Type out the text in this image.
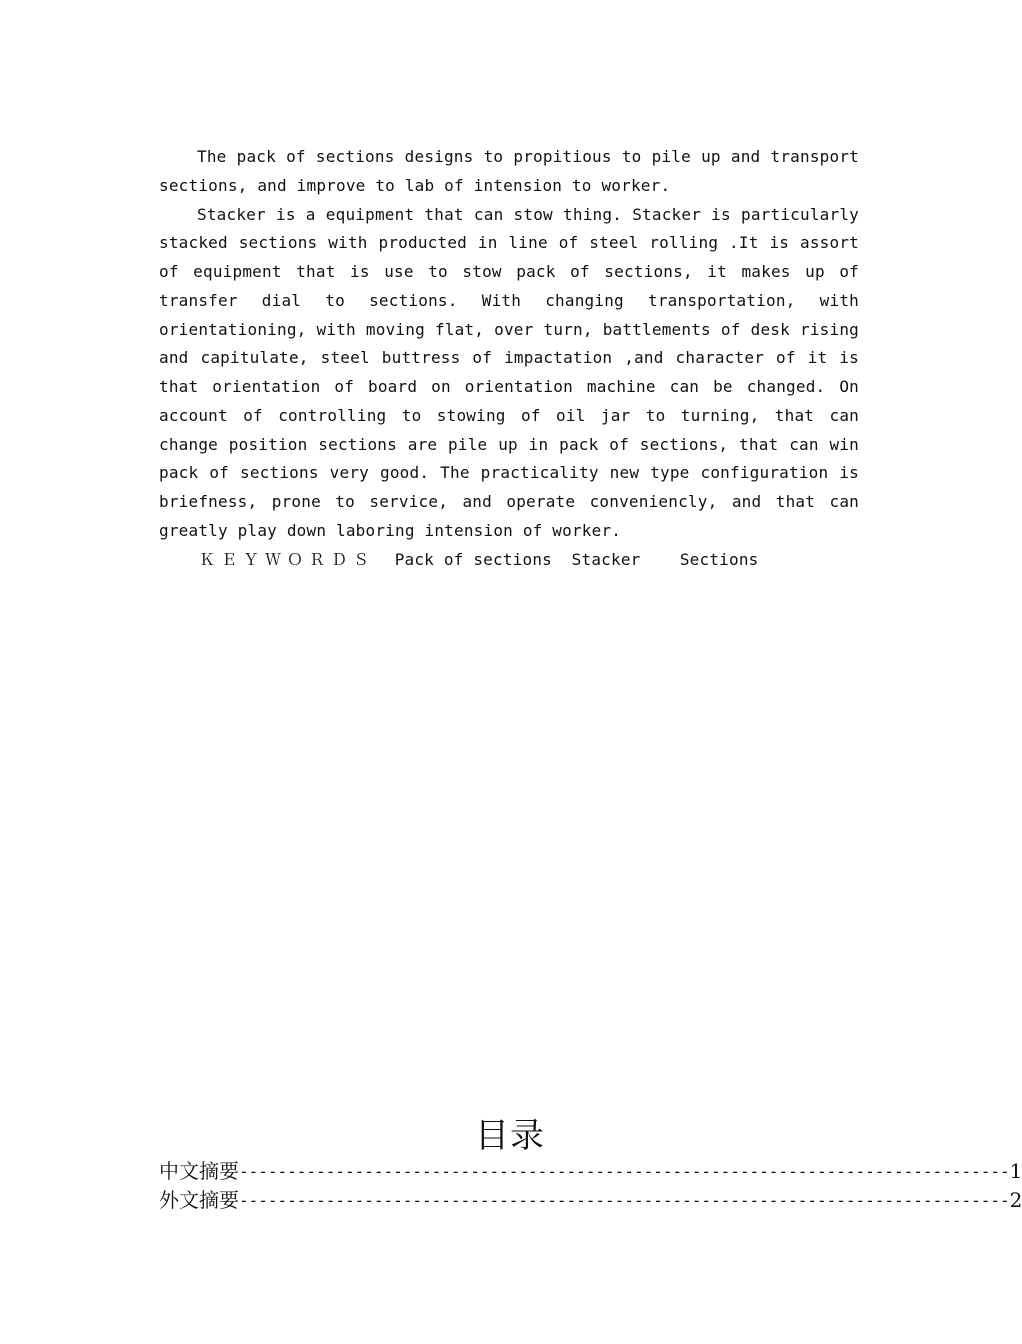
The pack of sections designs to propitious to pile up and transport sections, and improve to lab of intension to worker.

Stacker is a equipment that can stow thing. Stacker is particularly stacked sections with producted in line of steel rolling .It is assort of equipment that is use to stow pack of sections, it makes up of transfer dial to sections. With changing transportation, with orientationing, with moving flat, over turn, battlements of desk rising and capitulate, steel buttress of impactation ,and character of it is that orientation of board on orientation machine can be changed. On account of controlling to stowing of oil jar to turning, that can change position sections are pile up in pack of sections, that can win pack of sections very good. The practicality new type configuration is briefness, prone to service, and operate conveniencly, and that can greatly play down laboring intension of worker.

ＫＥＹＷＯＲＤＳ Pack of sections  Stacker    Sections

目录
中文摘要 -------------------------------------------------------------------------------- 1
外文摘要 -------------------------------------------------------------------------------- 2
